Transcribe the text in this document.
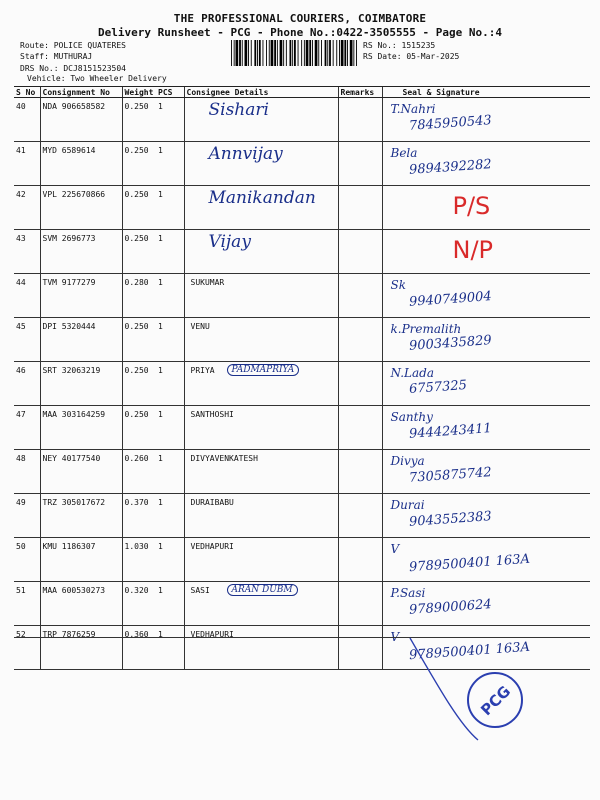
THE PROFESSIONAL COURIERS, COIMBATORE
Delivery Runsheet - PCG - Phone No.:0422-3505555 - Page No.:4
Route: POLICE QUATERES
Staff: MUTHURAJ
DRS No.: DCJ8151523504
Vehicle: Two Wheeler Delivery
RS No.: 1515235
RS Date: 05-Mar-2025
S No	Consignment No	Weight	PCS	Consignee Details	Remarks	Seal & Signature
40	NDA 906658582	0.250	1	Sishari		T.Nahri
7845950543

41	MYD 6589614	0.250	1	Annvijay		Bela
9894392282

42	VPL 225670866	0.250	1	Manikandan		P/S

43	SVM 2696773	0.250	1	Vijay		N/P

44	TVM 9177279	0.280	1	SUKUMAR		Sk
9940749004

45	DPI 5320444	0.250	1	VENU		k.Premalith
9003435829

46	SRT 32063219	0.250	1	PRIYA PADMAPRIYA		N.Lada
6757325

47	MAA 303164259	0.250	1	SANTHOSHI		Santhy
9444243411

48	NEY 40177540	0.260	1	DIVYAVENKATESH		Divya
7305875742

49	TRZ 305017672	0.370	1	DURAIBABU		Durai
9043552383

50	KMU 1186307	1.030	1	VEDHAPURI		V
9789500401 163A

51	MAA 600530273	0.320	1	SASI ARAN DUBM		P.Sasi
9789000624

52	TRP 7876259	0.360	1	VEDHAPURI		V
9789500401 163A
PCG
